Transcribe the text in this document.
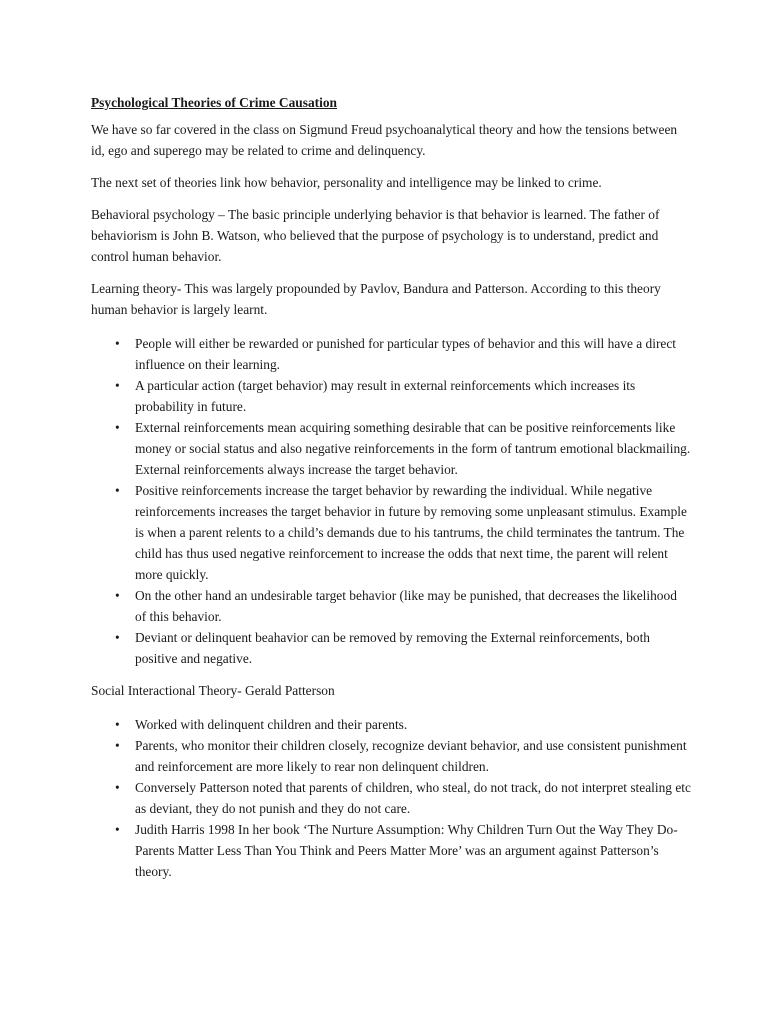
Psychological Theories of Crime Causation

We have so far covered in the class on Sigmund Freud psychoanalytical theory and how the tensions between id, ego and superego may be related to crime and delinquency.

The next set of theories link how behavior, personality and intelligence may be linked to crime.

Behavioral psychology – The basic principle underlying behavior is that behavior is learned. The father of behaviorism is John B. Watson, who believed that the purpose of psychology is to understand, predict and control human behavior.

Learning theory- This was largely propounded by Pavlov, Bandura and Patterson. According to this theory human behavior is largely learnt.

•	People will either be rewarded or punished for particular types of behavior and this will have a direct influence on their learning.
•	A particular action (target behavior) may result in external reinforcements which increases its probability in future.
•	External reinforcements mean acquiring something desirable that can be positive reinforcements like money or social status and also negative reinforcements in the form of tantrum emotional blackmailing. External reinforcements always increase the target behavior.
•	Positive reinforcements increase the target behavior by rewarding the individual. While negative reinforcements increases the target behavior in future by removing some unpleasant stimulus. Example is when a parent relents to a child’s demands due to his tantrums, the child terminates the tantrum. The child has thus used negative reinforcement to increase the odds that next time, the parent will relent more quickly.
•	On the other hand an undesirable target behavior (like may be punished, that decreases the likelihood of this behavior.
•	Deviant or delinquent beahavior can be removed by removing the External reinforcements, both positive and negative.

Social Interactional Theory- Gerald Patterson

•	Worked with delinquent children and their parents.
•	Parents, who monitor their children closely, recognize deviant behavior, and use consistent punishment and reinforcement are more likely to rear non delinquent children.
•	Conversely Patterson noted that parents of children, who steal, do not track, do not interpret stealing etc as deviant, they do not punish and they do not care.
•	Judith Harris 1998 In her book ‘The Nurture Assumption: Why Children Turn Out the Way They Do- Parents Matter Less Than You Think and Peers Matter More’ was an argument against Patterson’s theory.
